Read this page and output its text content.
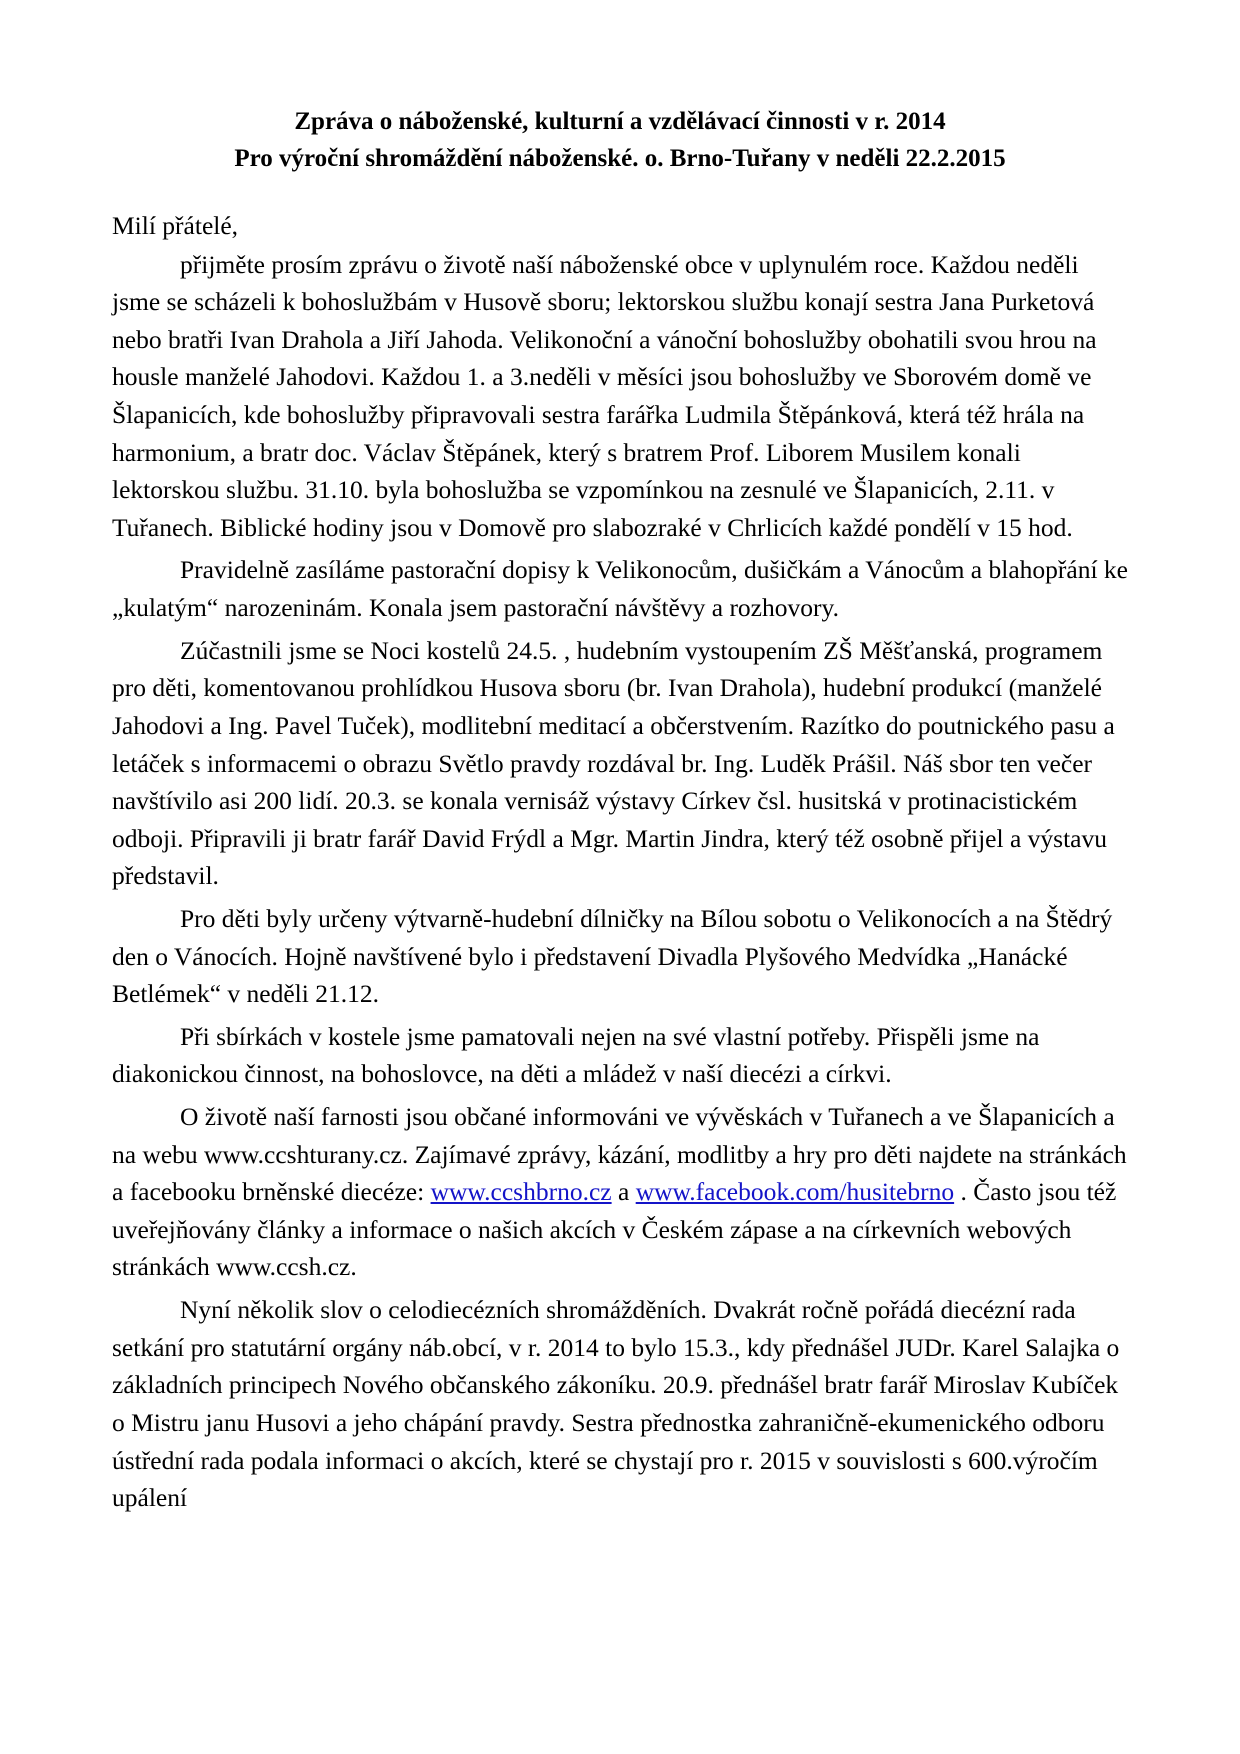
Zpráva o náboženské, kulturní a vzdělávací činnosti v r. 2014
Pro výroční shromáždění náboženské. o. Brno-Tuřany v neděli 22.2.2015

Milí přátelé,

přijměte prosím zprávu o životě naší náboženské obce v uplynulém roce. Každou neděli jsme se scházeli k bohoslužbám v Husově sboru; lektorskou službu konají sestra Jana Purketová nebo bratři Ivan Drahola a Jiří Jahoda. Velikonoční a vánoční bohoslužby obohatili svou hrou na housle manželé Jahodovi. Každou 1. a 3.neděli v měsíci jsou bohoslužby ve Sborovém domě ve Šlapanicích, kde bohoslužby připravovali sestra farářka Ludmila Štěpánková, která též hrála na harmonium, a bratr doc. Václav Štěpánek, který s bratrem Prof. Liborem Musilem konali lektorskou službu. 31.10. byla bohoslužba se vzpomínkou na zesnulé ve Šlapanicích, 2.11. v Tuřanech. Biblické hodiny jsou v Domově pro slabozraké v Chrlicích každé pondělí v 15 hod.

Pravidelně zasíláme pastorační dopisy k Velikonocům, dušičkám a Vánocům a blahopřání ke „kulatým“ narozeninám. Konala jsem pastorační návštěvy a rozhovory.

Zúčastnili jsme se Noci kostelů 24.5. , hudebním vystoupením ZŠ Měšťanská, programem pro děti, komentovanou prohlídkou Husova sboru (br. Ivan Drahola), hudební produkcí (manželé Jahodovi a Ing. Pavel Tuček), modlitební meditací a občerstvením. Razítko do poutnického pasu a letáček s informacemi o obrazu Světlo pravdy rozdával br. Ing. Luděk Prášil. Náš sbor ten večer navštívilo asi 200 lidí. 20.3. se konala vernisáž výstavy Církev čsl. husitská v protinacistickém odboji. Připravili ji bratr farář David Frýdl a Mgr. Martin Jindra, který též osobně přijel a výstavu představil.

Pro děti byly určeny výtvarně-hudební dílničky na Bílou sobotu o Velikonocích a na Štědrý den o Vánocích. Hojně navštívené bylo i představení Divadla Plyšového Medvídka „Hanácké Betlémek“ v neděli 21.12.

Při sbírkách v kostele jsme pamatovali nejen na své vlastní potřeby. Přispěli jsme na diakonickou činnost, na bohoslovce, na děti a mládež v naší diecézi a církvi.

O životě naší farnosti jsou občané informováni ve vývěskách v Tuřanech a ve Šlapanicích a na webu www.ccshturany.cz. Zajímavé zprávy, kázání, modlitby a hry pro děti najdete na stránkách a facebooku brněnské diecéze: www.ccshbrno.cz a www.facebook.com/husitebrno . Často jsou též uveřejňovány články a informace o našich akcích v Českém zápase a na církevních webových stránkách www.ccsh.cz.

Nyní několik slov o celodiecézních shromážděních. Dvakrát ročně pořádá diecézní rada setkání pro statutární orgány náb.obcí, v r. 2014 to bylo 15.3., kdy přednášel JUDr. Karel Salajka o základních principech Nového občanského zákoníku. 20.9. přednášel bratr farář Miroslav Kubíček o Mistru janu Husovi a jeho chápání pravdy. Sestra přednostka zahraničně-ekumenického odboru ústřední rada podala informaci o akcích, které se chystají pro r. 2015 v souvislosti s 600.výročím upálení
